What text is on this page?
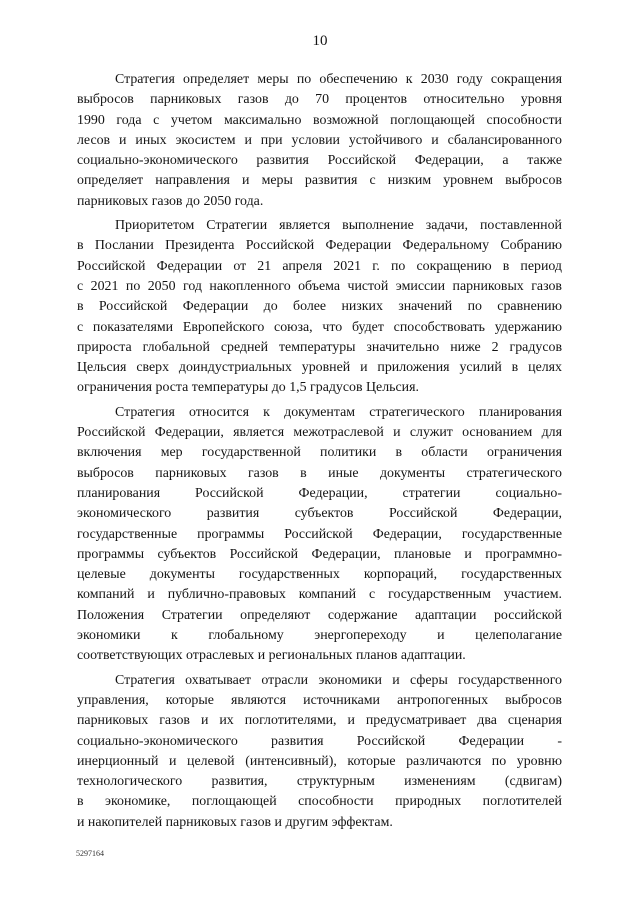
10
Стратегия определяет меры по обеспечению к 2030 году сокращения
выбросов парниковых газов до 70 процентов относительно уровня
1990 года с учетом максимально возможной поглощающей способности
лесов и иных экосистем и при условии устойчивого и сбалансированного
социально-экономического развития Российской Федерации, а также
определяет направления и меры развития с низким уровнем выбросов
парниковых газов до 2050 года.
Приоритетом Стратегии является выполнение задачи, поставленной
в Послании Президента Российской Федерации Федеральному Собранию
Российской Федерации от 21 апреля 2021 г. по сокращению в период
с 2021 по 2050 год накопленного объема чистой эмиссии парниковых газов
в Российской Федерации до более низких значений по сравнению
с показателями Европейского союза, что будет способствовать удержанию
прироста глобальной средней температуры значительно ниже 2 градусов
Цельсия сверх доиндустриальных уровней и приложения усилий в целях
ограничения роста температуры до 1,5 градусов Цельсия.
Стратегия относится к документам стратегического планирования
Российской Федерации, является межотраслевой и служит основанием для
включения мер государственной политики в области ограничения
выбросов парниковых газов в иные документы стратегического
планирования Российской Федерации, стратегии социально-
экономического развития субъектов Российской Федерации,
государственные программы Российской Федерации, государственные
программы субъектов Российской Федерации, плановые и программно-
целевые документы государственных корпораций, государственных
компаний и публично-правовых компаний с государственным участием.
Положения Стратегии определяют содержание адаптации российской
экономики к глобальному энергопереходу и целеполагание
соответствующих отраслевых и региональных планов адаптации.
Стратегия охватывает отрасли экономики и сферы государственного
управления, которые являются источниками антропогенных выбросов
парниковых газов и их поглотителями, и предусматривает два сценария
социально-экономического развития Российской Федерации -
инерционный и целевой (интенсивный), которые различаются по уровню
технологического развития, структурным изменениям (сдвигам)
в экономике, поглощающей способности природных поглотителей
и накопителей парниковых газов и другим эффектам.
5297164
